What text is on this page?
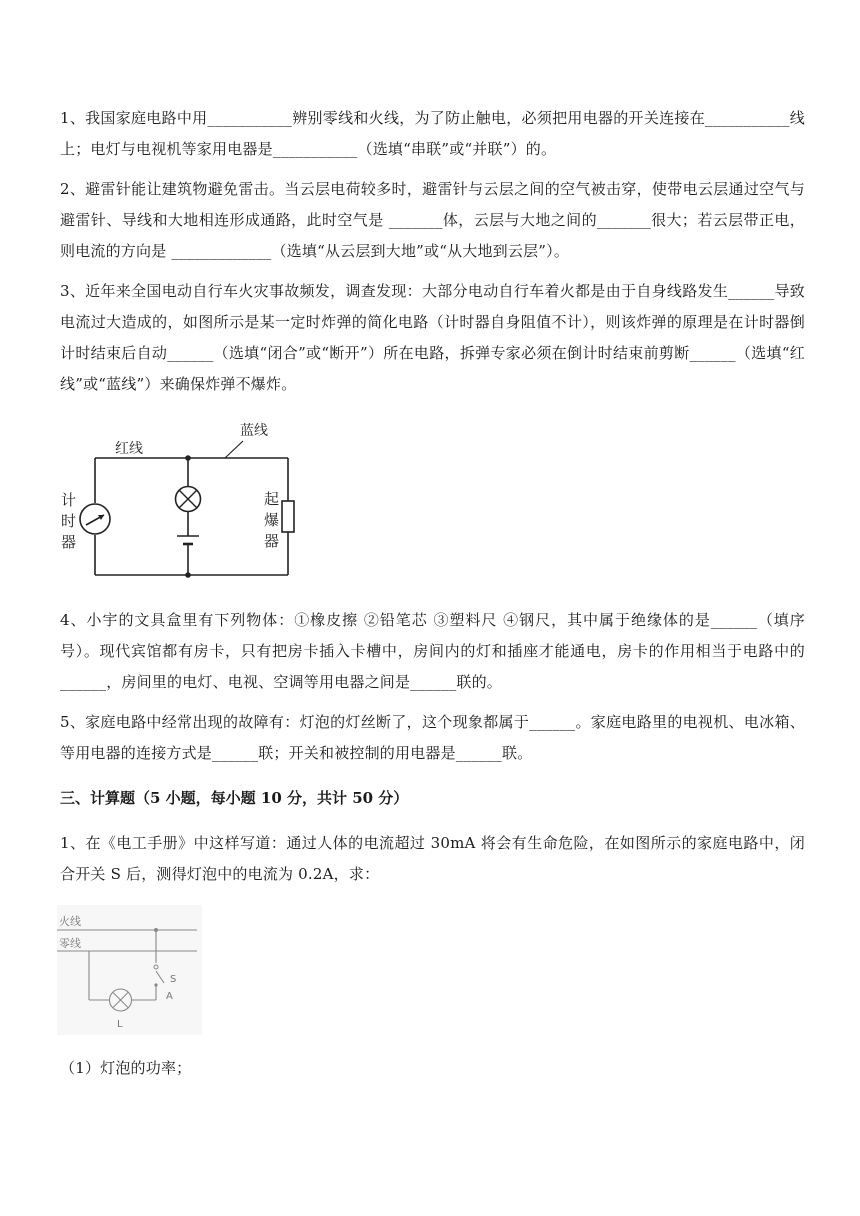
1、我国家庭电路中用___________辨别零线和火线，为了防止触电，必须把用电器的开关连接在___________线上；电灯与电视机等家用电器是___________（选填“串联”或“并联”）的。

2、避雷针能让建筑物避免雷击。当云层电荷较多时，避雷针与云层之间的空气被击穿，使带电云层通过空气与避雷针、导线和大地相连形成通路，此时空气是 _______体，云层与大地之间的_______很大；若云层带正电，则电流的方向是 _____________（选填“从云层到大地”或“从大地到云层”）。

3、近年来全国电动自行车火灾事故频发，调查发现：大部分电动自行车着火都是由于自身线路发生______导致电流过大造成的，如图所示是某一定时炸弹的简化电路（计时器自身阻值不计），则该炸弹的原理是在计时器倒计时结束后自动______（选填“闭合”或“断开”）所在电路，拆弹专家必须在倒计时结束前剪断______（选填“红线”或“蓝线”）来确保炸弹不爆炸。

红线
蓝线
计
时
器
起
爆
器

4、小宇的文具盒里有下列物体：①橡皮擦 ②铅笔芯 ③塑料尺 ④钢尺，其中属于绝缘体的是______（填序号）。现代宾馆都有房卡，只有把房卡插入卡槽中，房间内的灯和插座才能通电，房卡的作用相当于电路中的______，房间里的电灯、电视、空调等用电器之间是______联的。

5、家庭电路中经常出现的故障有：灯泡的灯丝断了，这个现象都属于______。家庭电路里的电视机、电冰箱、等用电器的连接方式是______联；开关和被控制的用电器是______联。

三、计算题（5 小题，每小题 10 分，共计 50 分）

1、在《电工手册》中这样写道：通过人体的电流超过 30mA 将会有生命危险，在如图所示的家庭电路中，闭合开关 S 后，测得灯泡中的电流为 0.2A，求：

火线
零线
S
A
L

（1）灯泡的功率；
